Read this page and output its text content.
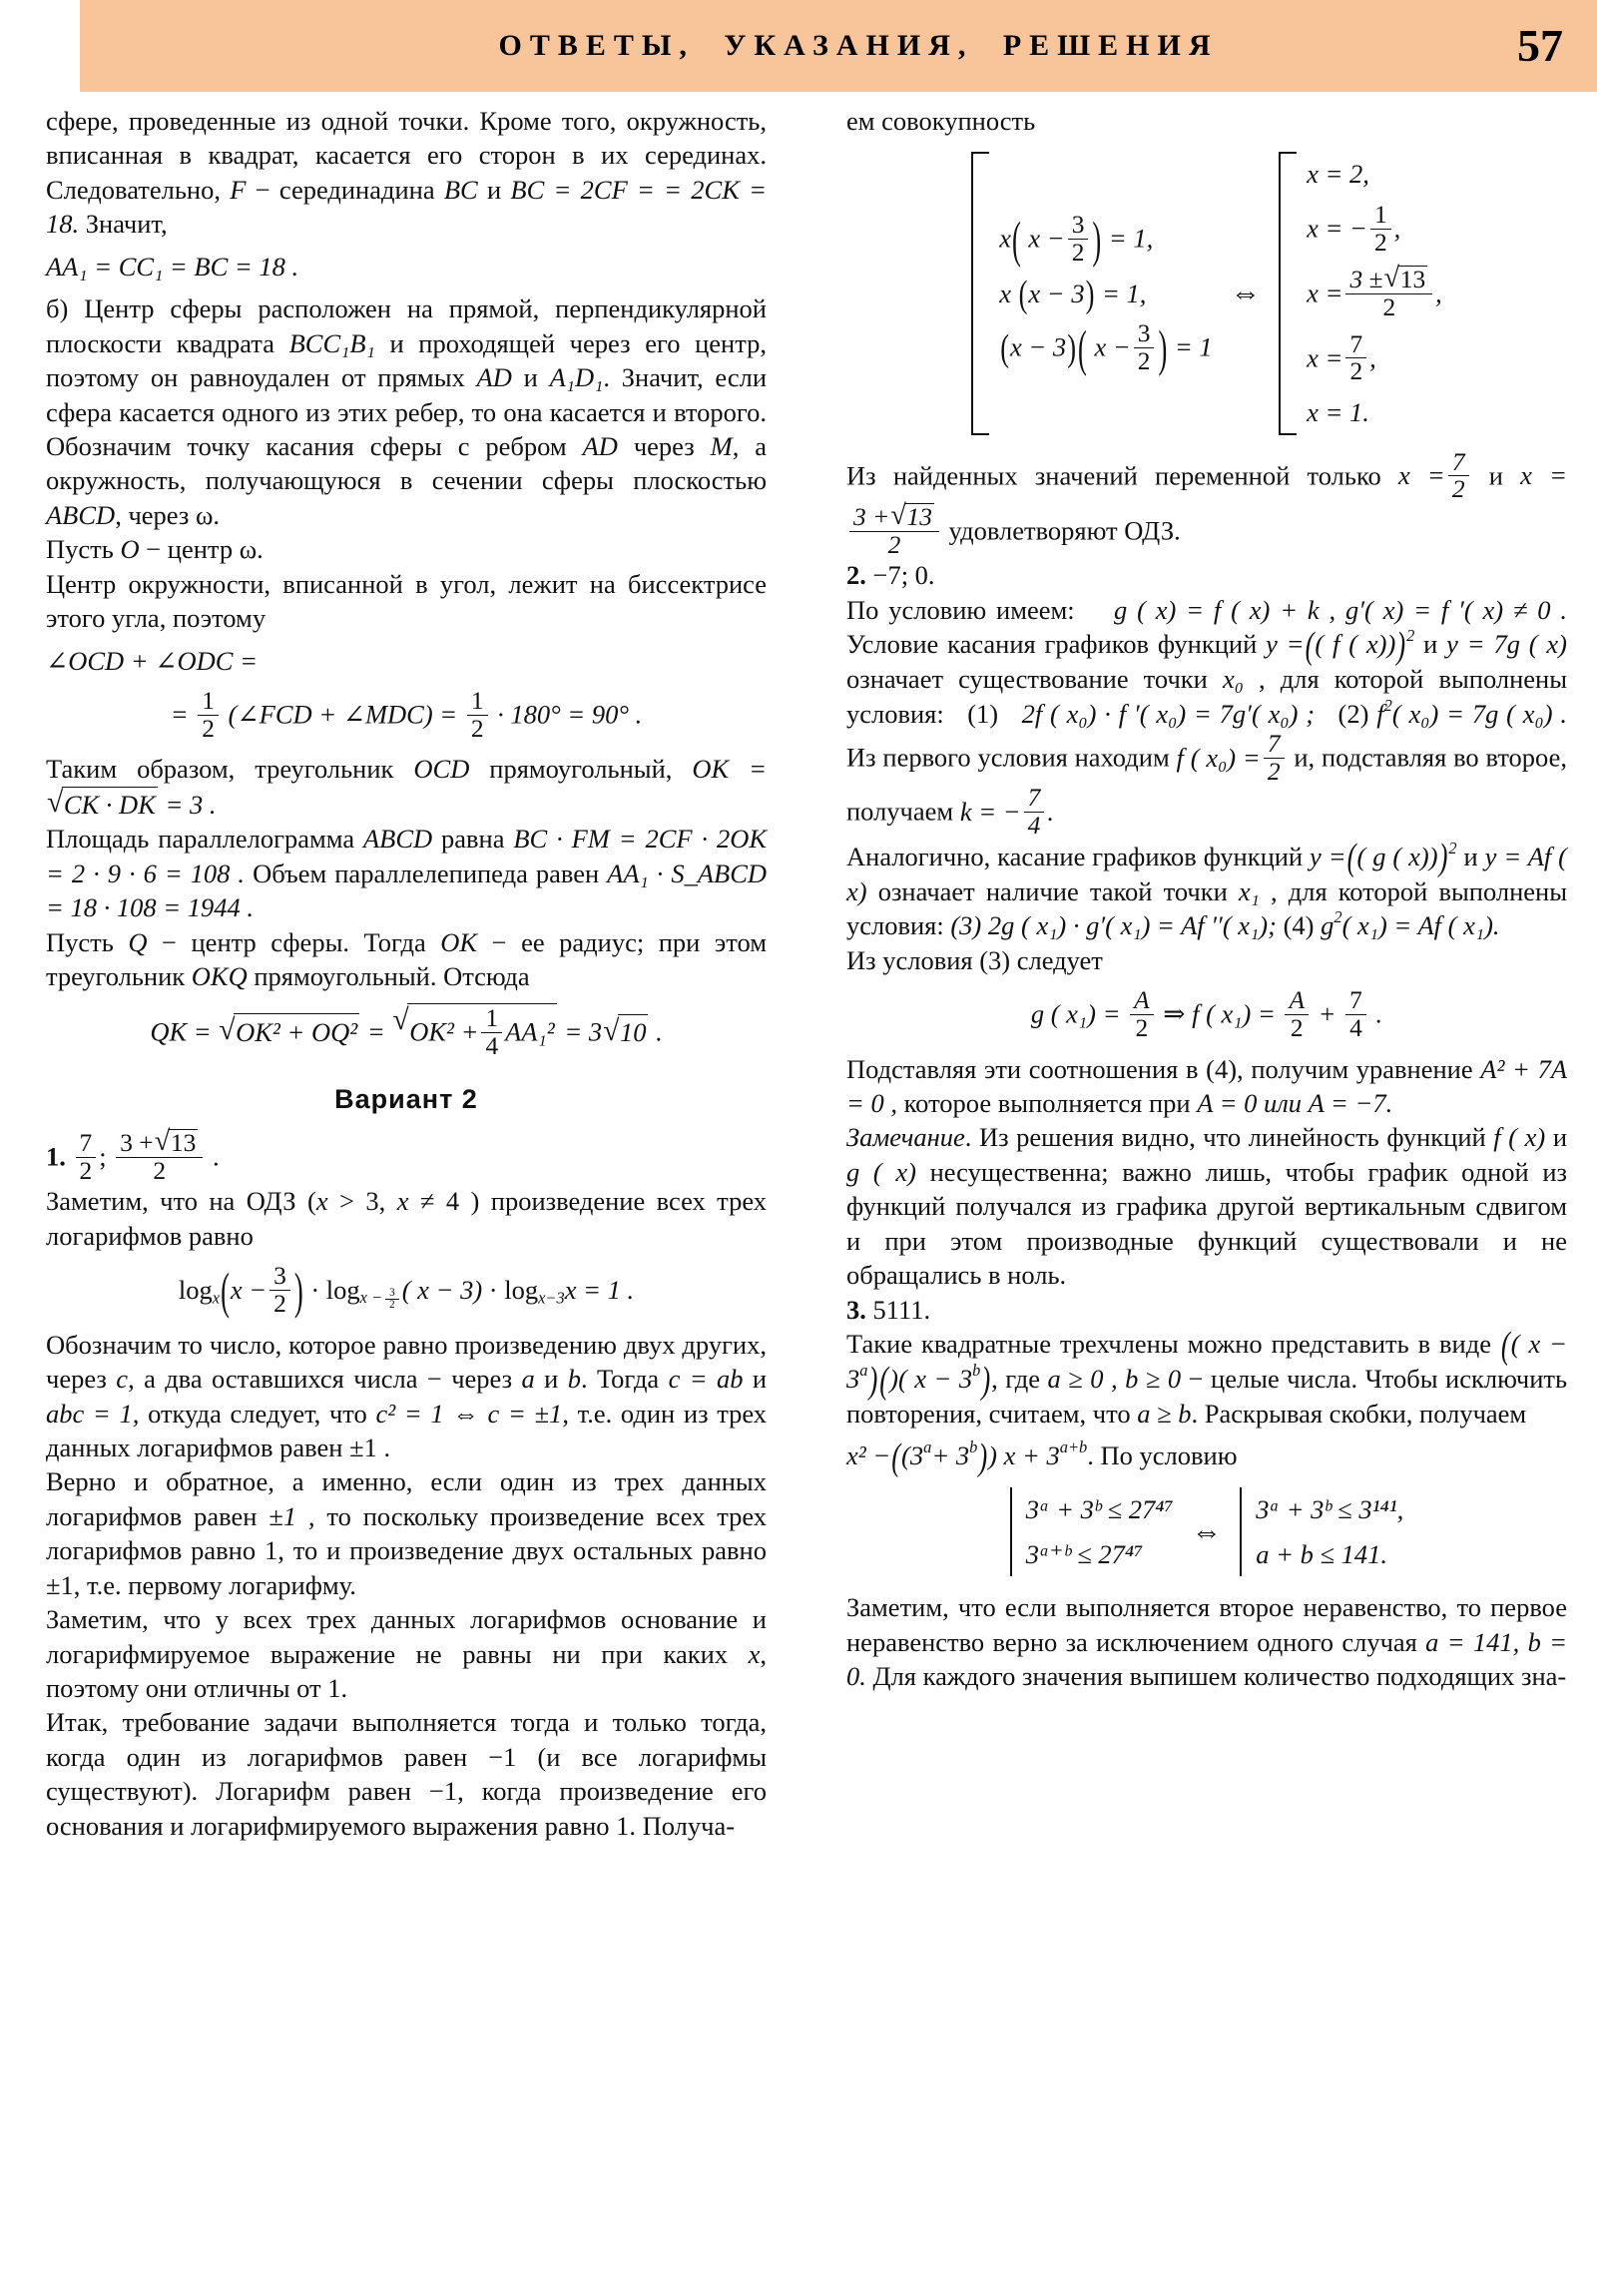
ОТВЕТЫ, УКАЗАНИЯ, РЕШЕНИЯ	57

сфере, проведенные из одной точки. Кроме того, окружность, вписанная в квадрат, касается его сторон в их серединах. Следовательно, F − серединадина BC и BC = 2CF = = 2CK = 18. Значит,

AA₁ = CC₁ = BC = 18 .

б) Центр сферы расположен на прямой, перпендикулярной плоскости квадрата BCC₁B₁ и проходящей через его центр, поэтому он равноудален от прямых AD и A₁D₁. Значит, если сфера касается одного из этих ребер, то она касается и второго. Обозначим точку касания сферы с ребром AD через M, а окружность, получающуюся в сечении сферы плоскостью ABCD, через ω.

Пусть O − центр ω.

Центр окружности, вписанной в угол, лежит на биссектрисе этого угла, поэтому

∠OCD + ∠ODC =

= $\frac{1}{2}$ (∠FCD + ∠MDC) = $\frac{1}{2} \cdot 180^\circ = 90^\circ$ .

Таким образом, треугольник OCD прямоугольный, OK = √ CK · DK = 3 .

Площадь параллелограмма ABCD равна BC · FM = 2CF · 2OK = 2 · 9 · 6 = 108 . Объем параллелепипеда равен AA₁ · S_ABCD = 18 · 108 = 1944 .

Пусть Q − центр сферы. Тогда OK − ее радиус; при этом треугольник OKQ прямоугольный. Отсюда

QK = √ OK² + OQ² = √ $OK^2 + \frac{1}{4} AA_1^2 = 3$ √ 10 .

Вариант 2

1. $\frac{7}{2}$ ; $\frac{3 + √ 13}{2}$ .

Заметим, что на ОДЗ (x > 3, x ≠ 4 ) произведение всех трех логарифмов равно

$\log_x(x - \frac{3}{2}$ ) · $\log_{x - \frac{3}{2}}$ ( $x - 3) \cdot \log_{x-3}x = 1$ .

Обозначим то число, которое равно произведению двух других, через c, а два оставшихся числа − через a и b. Тогда c = ab и abc = 1, откуда следует, что c² = 1 ⇔ c = ±1, т.е. один из трех данных логарифмов равен ±1 .

Верно и обратное, а именно, если один из трех данных логарифмов равен ±1 , то поскольку произведение всех трех логарифмов равно 1, то и произведение двух остальных равно ±1, т.е. первому логарифму.

Заметим, что у всех трех данных логарифмов основание и логарифмируемое выражение не равны ни при каких x, поэтому они отличны от 1.

Итак, требование задачи выполняется тогда и только тогда, когда один из логарифмов равен −1 (и все логарифмы существуют). Логарифм равен −1, когда произведение его основания и логарифмируемого выражения равно 1. Получа-

ем совокупность

x( $x - \frac{3}{2}$ ) = 1,
x (x − 3) = 1,
(x − 3)( $x - \frac{3}{2}$ ) = 1
⇔
x = 2,
x = − $\frac{1}{2}$ ,
$x = \frac{3 \pm √ 13}{2}$ ,
$x = \frac{7}{2}$ ,
x = 1.

Из найденных значений переменной только $x = \frac{7}{2}$ и x =
$\frac{3 + √ 13}{2}$ удовлетворяют ОДЗ.

2. −7; 0.

По условию имеем: g ( x) = f ( x) + k , g′( x) = f ′( x) ≠ 0 . Условие касания графиков функций y =(( f ( x)))$^2$ и y = 7g ( x) означает существование точки x₀ , для которой выполнены условия: (1) 2f ( x₀) · f ′( x₀) = 7g′( x₀) ; (2) $f^2$( x₀) = 7g ( x₀) . Из первого условия находим f ( $x_0) = \frac{7}{2} и$, подставляя во второе, получаем k = − $\frac{7}{4}$ .

Аналогично, касание графиков функций y =(( g ( x)))$^2$ и y = Af ( x) означает наличие такой точки x₁ , для которой выполнены условия: (3) 2g ( x₁) · g′( x₁) = Af ′′( x₁); (4) $g^2$( x₁) = Af ( x₁).

Из условия (3) следует

g ( $x_1) = \frac{A}{2}$ ⇒ f ( $x_1) = \frac{A}{2} + \frac{7}{4}$ .

Подставляя эти соотношения в (4), получим уравнение A² + 7A = 0 , которое выполняется при A = 0 или A = −7.

Замечание. Из решения видно, что линейность функций f ( x) и g ( x) несущественна; важно лишь, чтобы график одной из функций получался из графика другой вертикальным сдвигом и при этом производные функций существовали и не обращались в ноль.

3. 5111.

Такие квадратные трехчлены можно представить в виде (( $x - 3^a)()$( $x - 3^b$), где a ≥ 0 , b ≥ 0 − целые числа. Чтобы исключить повторения, считаем, что a ≥ b. Раскрывая скобки, получаем

$x^2 -((3^a+ 3^b)) x + 3^{a+b}$. По условию

3ᵃ + 3ᵇ ≤ 27⁴⁷
3ᵃ⁺ᵇ ≤ 27⁴⁷
⇔
3ᵃ + 3ᵇ ≤ 3¹⁴¹,
a + b ≤ 141.

Заметим, что если выполняется второе неравенство, то первое неравенство верно за исключением одного случая a = 141, b = 0. Для каждого значения выпишем количество подходящих зна-
